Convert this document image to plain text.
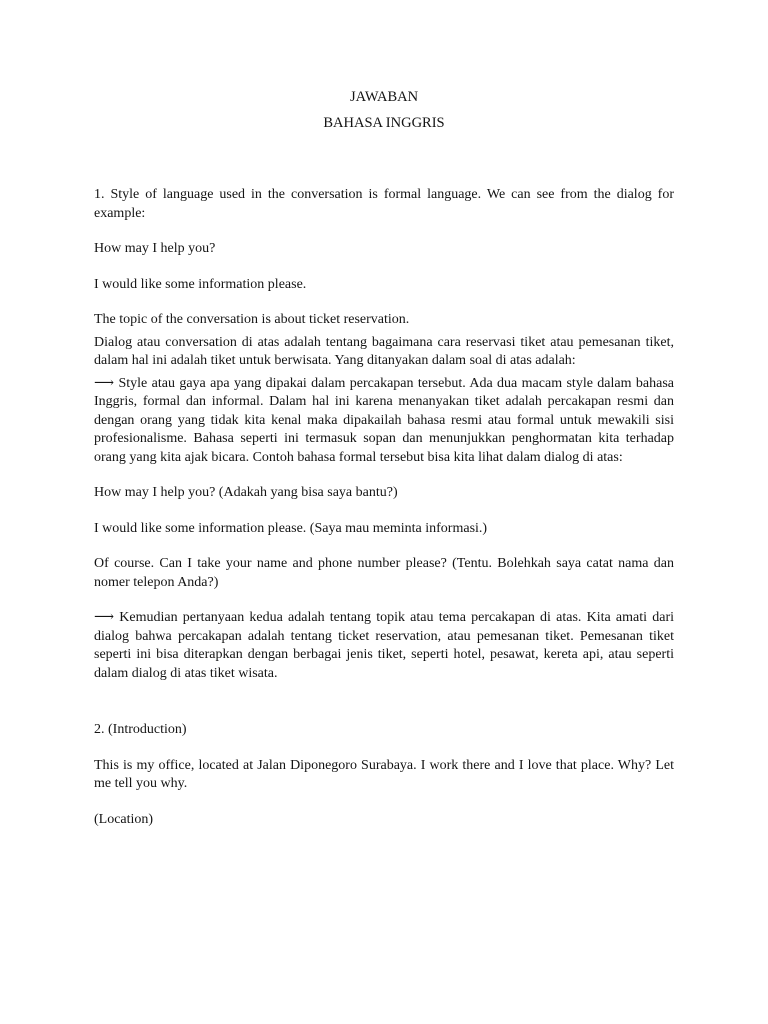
JAWABAN
BAHASA INGGRIS

1. Style of language used in the conversation is formal language. We can see from the dialog for example:

How may I help you?

I would like some information please.

The topic of the conversation is about ticket reservation.

Dialog atau conversation di atas adalah tentang bagaimana cara reservasi tiket atau pemesanan tiket, dalam hal ini adalah tiket untuk berwisata. Yang ditanyakan dalam soal di atas adalah:

⟶ Style atau gaya apa yang dipakai dalam percakapan tersebut. Ada dua macam style dalam bahasa Inggris, formal dan informal. Dalam hal ini karena menanyakan tiket adalah percakapan resmi dan dengan orang yang tidak kita kenal maka dipakailah bahasa resmi atau formal untuk mewakili sisi profesionalisme. Bahasa seperti ini termasuk sopan dan menunjukkan penghormatan kita terhadap orang yang kita ajak bicara. Contoh bahasa formal tersebut bisa kita lihat dalam dialog di atas:

How may I help you? (Adakah yang bisa saya bantu?)

I would like some information please. (Saya mau meminta informasi.)

Of course. Can I take your name and phone number please? (Tentu. Bolehkah saya catat nama dan nomer telepon Anda?)

⟶ Kemudian pertanyaan kedua adalah tentang topik atau tema percakapan di atas. Kita amati dari dialog bahwa percakapan adalah tentang ticket reservation, atau pemesanan tiket. Pemesanan tiket seperti ini bisa diterapkan dengan berbagai jenis tiket, seperti hotel, pesawat, kereta api, atau seperti dalam dialog di atas tiket wisata.

2. (Introduction)

This is my office, located at Jalan Diponegoro Surabaya. I work there and I love that place. Why? Let me tell you why.

(Location)
